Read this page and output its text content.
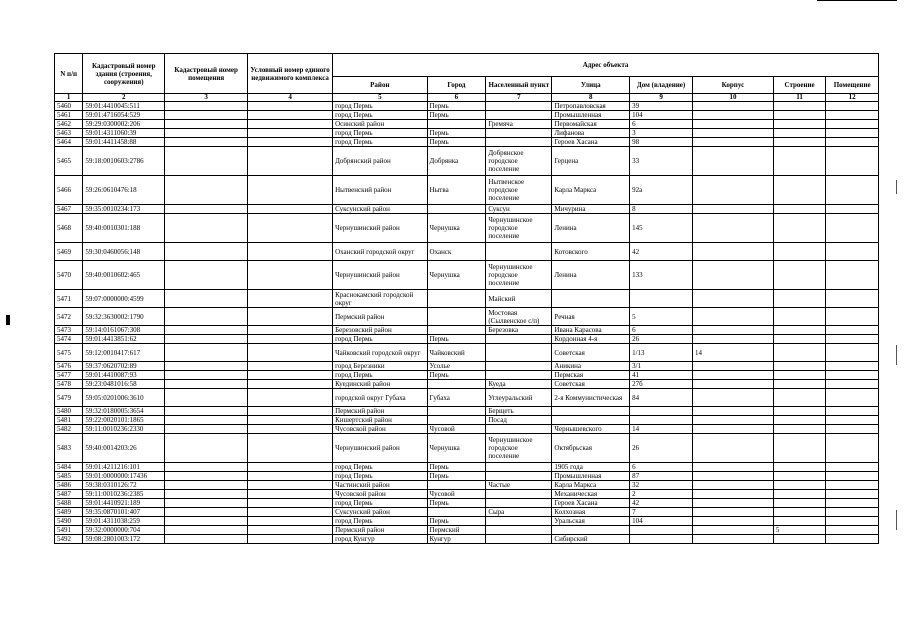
N п/п	Кадастровый номер здания (строения, сооружения)	Кадастровый номер помещения	Условный номер единого недвижимого комплекса	Адрес объекта							
				Район	Город	Населенный пункт	Улица	Дом (владение)	Корпус	Строение	Помещение
1	2	3	4	5	6	7	8	9	10	11	12
5460	59:01:4410045:511			город Пермь	Пермь		Петропавловская	39			
5461	59:01:4716054:529			город Пермь	Пермь		Промышленная	104			
5462	59:29:0300002:206			Осинский район		Гремяча	Первомайская	6			
5463	59:01:4311060:39			город Пермь	Пермь		Лифанова	3			
5464	59:01:4411458:88			город Пермь	Пермь		Героев Хасана	98			
5465	59:18:0010603:2786			Добрянский район	Добрянка	Добрянское городское поселение	Герцена	33			
5466	59:26:0610476:18			Нытвенский район	Нытва	Нытвенское городское поселение	Карла Маркса	92а			
5467	59:35:0010234:173			Суксунский район		Суксун	Мичурина	8			
5468	59:40:0010301:188			Чернушинский район	Чернушка	Чернушинское городское поселение	Ленина	145			
5469	59:30:0460056:148			Оханский городской округ	Оханск		Котовского	42			
5470	59:40:0010602:465			Чернушинский район	Чернушка	Чернушинское городское поселение	Ленина	133			
5471	59:07:0000000:4599			Краснокамский городской округ		Майский					
5472	59:32:3630002:1790			Пермский район		Мостовая (Сылвенское с/п)	Речная	5			
5473	59:14:0161067:308			Березовский район		Березовка	Ивана Карасова	6			
5474	59:01:4413851:62			город Пермь	Пермь		Кордонная 4-я	26			
5475	59:12:0010417:617			Чайковский городской округ	Чайковский		Советская	1/13	14		
5476	59:37:0620702:89			город Березники	Усолье		Аникина	3/1			
5477	59:01:4410087:93			город Пермь	Пермь		Пермская	41			
5478	59:23:0481016:58			Куединский район		Куеда	Советская	27б			
5479	59:05:0201006:3610			городской округ Губаха	Губаха	Углеуральский	2-я Коммунистическая	84			
5480	59:32:0180005:3654			Пермский район		Берщеть					
5481	59:22:0020101:1865			Кишертский район		Посад					
5482	59:11:0010236:2330			Чусовской район	Чусовой		Чернышевского	14			
5483	59:40:0014203:26			Чернушинский район	Чернушка	Чернушинское городское поселение	Октябрьская	26			
5484	59:01:4211216:101			город Пермь	Пермь		1905 года	6			
5485	59:01:0000000:17436			город Пермь	Пермь		Промышленная	87			
5486	59:38:0310126:72			Частинский район		Частые	Карла Маркса	32			
5487	59:11:0010236:2385			Чусовской район	Чусовой		Механическая	2			
5488	59:01:4410921:189			город Пермь	Пермь		Героев Хасана	42			
5489	59:35:0870101:407			Суксунский район		Сыра	Колхозная	7			
5490	59:01:4311038:259			город Пермь	Пермь		Уральская	104			
5491	59:32:0000000:704			Пермский район	Пермский					5	
5492	59:08:2801003:172			город Кунгур	Кунгур		Сибирский				
